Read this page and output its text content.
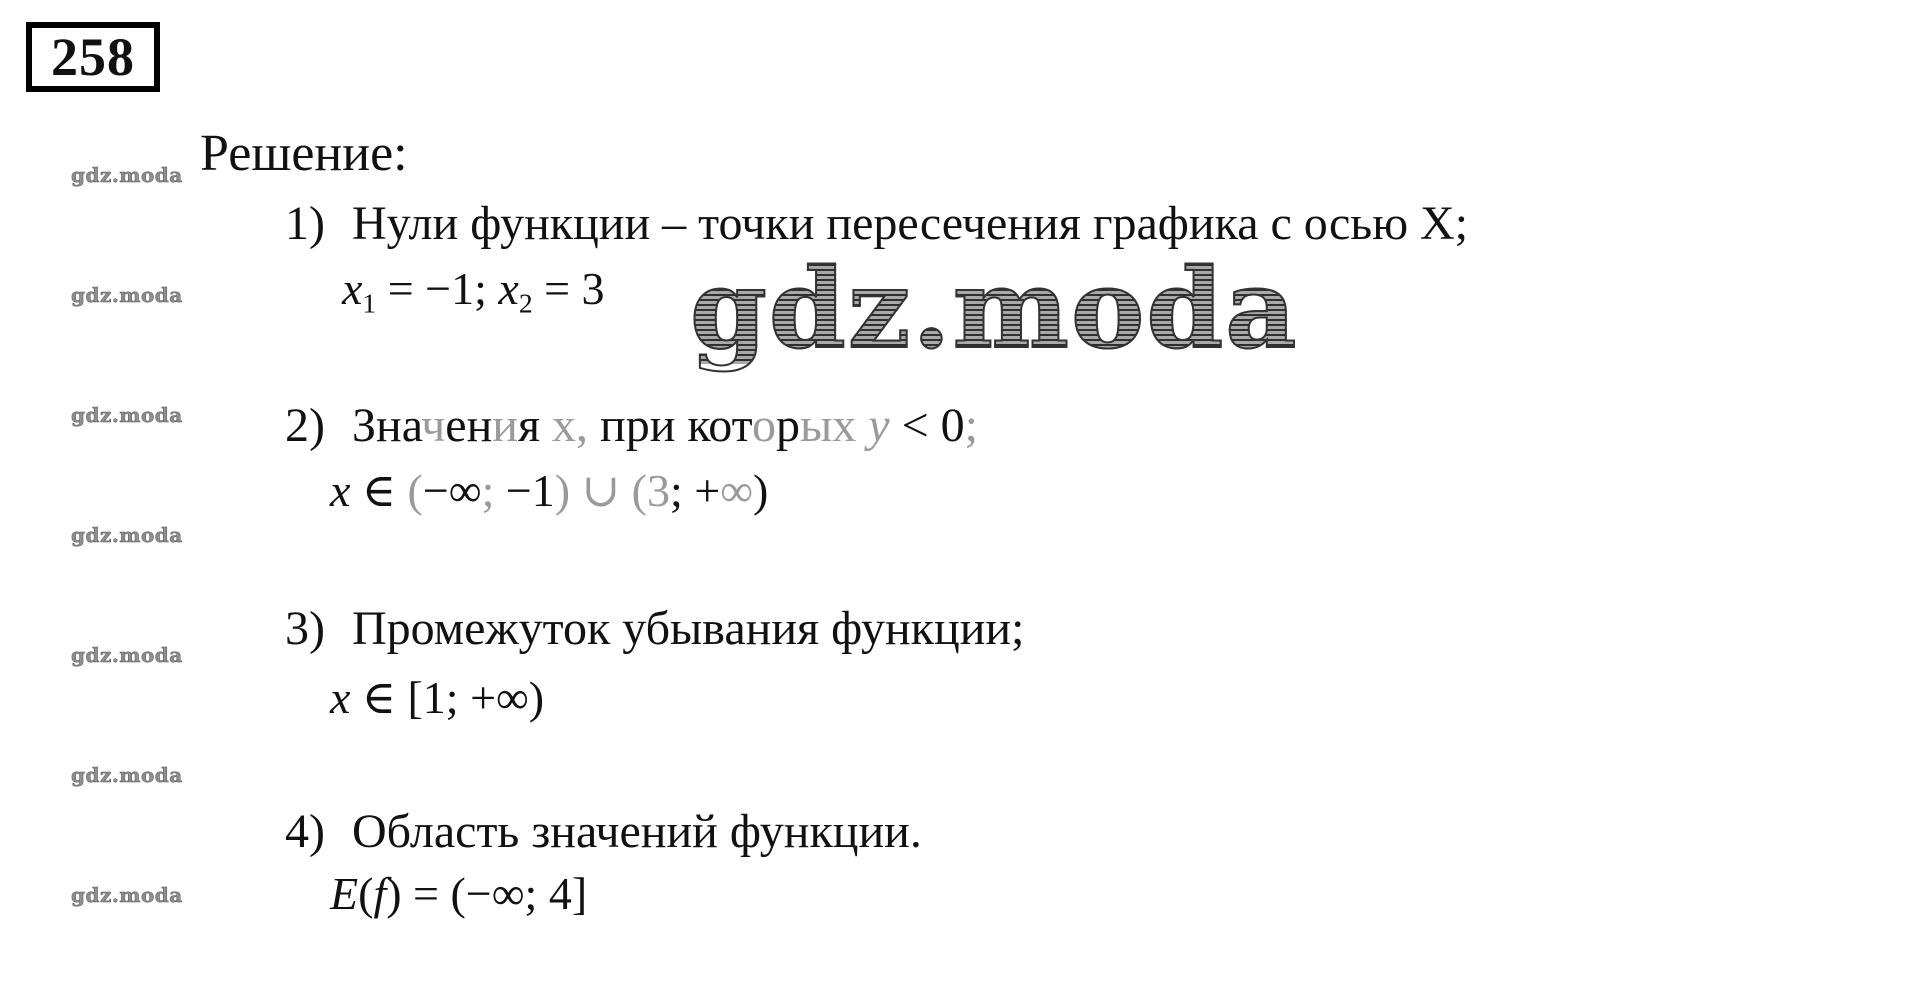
258
gdz.moda
gdz.moda
gdz.moda
gdz.moda
gdz.moda
gdz.moda
gdz.moda
Решение:
1) Нули функции – точки пересечения графика с осью X;
$x_1 = -1$; $x_2 = 3$ gdz.moda
2) Значения x, при которых y < 0;
x ∈ (−∞; −1) ∪ (3; +∞)
3) Промежуток убывания функции;
x ∈ [1; +∞)
4) Область значений функции.
E(f) = (−∞; 4]
